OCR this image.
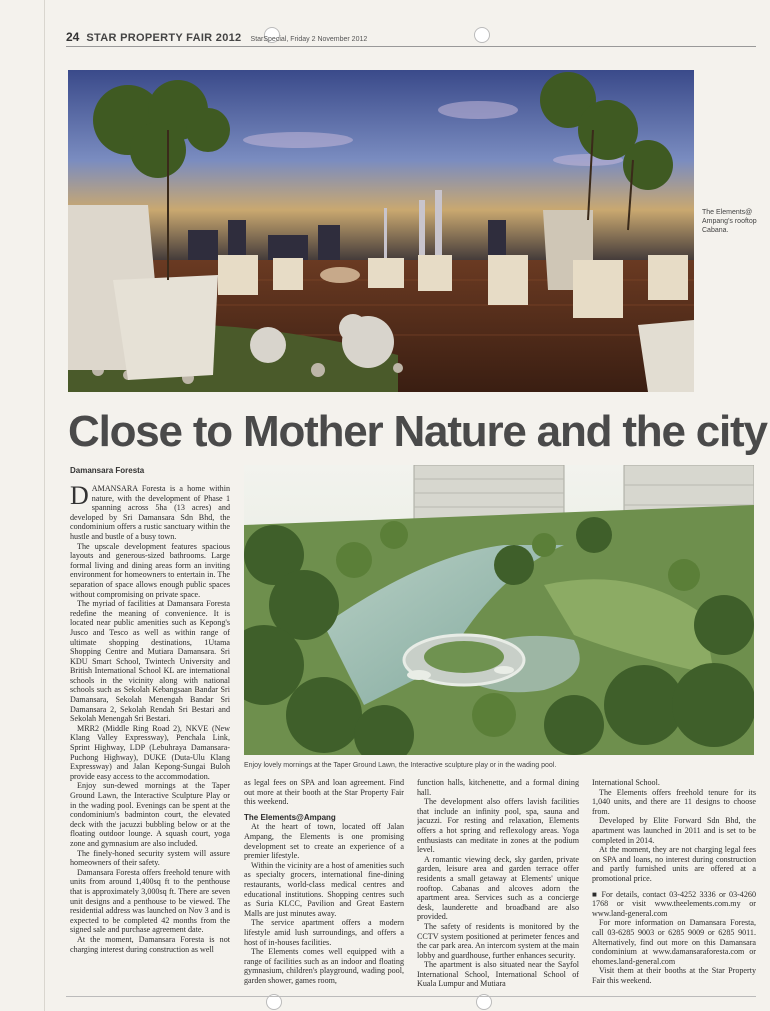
24 STAR PROPERTY FAIR 2012 StarSpecial, Friday 2 November 2012
The Elements@ Ampang's rooftop Cabana.
Close to Mother Nature and the city
Damansara Foresta

DAMANSARA Foresta is a home within nature, with the development of Phase 1 spanning across 5ha (13 acres) and developed by Sri Damansara Sdn Bhd, the condominium offers a rustic sanctuary within the hustle and bustle of a busy town.

The upscale development features spacious layouts and generous-sized bathrooms. Large formal living and dining areas form an inviting environment for homeowners to entertain in. The separation of space allows enough public spaces without compromising on private space.

The myriad of facilities at Damansara Foresta redefine the meaning of convenience. It is located near public amenities such as Kepong's Jusco and Tesco as well as within range of ultimate shopping destinations, 1Utama Shopping Centre and Mutiara Damansara. Sri KDU Smart School, Twintech University and British International School KL are international schools in the vicinity along with national schools such as Sekolah Kebangsaan Bandar Sri Damansara, Sekolah Menengah Bandar Sri Damansara 2, Sekolah Rendah Sri Bestari and Sekolah Menengah Sri Bestari.

MRR2 (Middle Ring Road 2), NKVE (New Klang Valley Expressway), Penchala Link, Sprint Highway, LDP (Lebuhraya Damansara-Puchong Highway), DUKE (Duta-Ulu Klang Expressway) and Jalan Kepong-Sungai Buloh provide easy access to the accommodation.

Enjoy sun-dewed mornings at the Taper Ground Lawn, the Interactive Sculpture Play or in the wading pool. Evenings can be spent at the condominium's badminton court, the elevated deck with the jacuzzi bubbling below or at the floating outdoor lounge. A squash court, yoga zone and gymnasium are also included.

The finely-honed security system will assure homeowners of their safety.

Damansara Foresta offers freehold tenure with units from around 1,400sq ft to the penthouse that is approximately 3,000sq ft. There are seven unit designs and a penthouse to be viewed. The residential address was launched on Nov 3 and is expected to be completed 42 months from the signed sale and purchase agreement date.

At the moment, Damansara Foresta is not charging interest during construction as well

Enjoy lovely mornings at the Taper Ground Lawn, the Interactive sculpture play or in the wading pool.

as legal fees on SPA and loan agreement. Find out more at their booth at the Star Property Fair this weekend.

The Elements@Ampang

At the heart of town, located off Jalan Ampang, the Elements is one promising development set to create an experience of a premier lifestyle.

Within the vicinity are a host of amenities such as specialty grocers, international fine-dining restaurants, world-class medical centres and educational institutions. Shopping centres such as Suria KLCC, Pavilion and Great Eastern Malls are just minutes away.

The service apartment offers a modern lifestyle amid lush surroundings, and offers a host of in-houses facilities.

The Elements comes well equipped with a range of facilities such as an indoor and floating gymnasium, children's playground, wading pool, garden shower, games room,

function halls, kitchenette, and a formal dining hall.

The development also offers lavish facilities that include an infinity pool, spa, sauna and jacuzzi. For resting and relaxation, Elements offers a hot spring and reflexology areas. Yoga enthusiasts can meditate in zones at the podium level.

A romantic viewing deck, sky garden, private garden, leisure area and garden terrace offer residents a small getaway at Elements' unique rooftop. Cabanas and alcoves adorn the apartment area. Services such as a concierge desk, launderette and broadband are also provided.

The safety of residents is monitored by the CCTV system positioned at perimeter fences and the car park area. An intercom system at the main lobby and guardhouse, further enhances security.

The apartment is also situated near the Sayfol International School, International School of Kuala Lumpur and Mutiara

International School.

The Elements offers freehold tenure for its 1,040 units, and there are 11 designs to choose from.

Developed by Elite Forward Sdn Bhd, the apartment was launched in 2011 and is set to be completed in 2014.

At the moment, they are not charging legal fees on SPA and loans, no interest during construction and partly furnished units are offered at a promotional price.

■ For details, contact 03-4252 3336 or 03-4260 1768 or visit www.theelements.com.my or www.land-general.com

For more information on Damansara Foresta, call 03-6285 9003 or 6285 9009 or 6285 9011. Alternatively, find out more on this Damansara condominium at www.damansaraforesta.com or ehomes.land-general.com

Visit them at their booths at the Star Property Fair this weekend.
